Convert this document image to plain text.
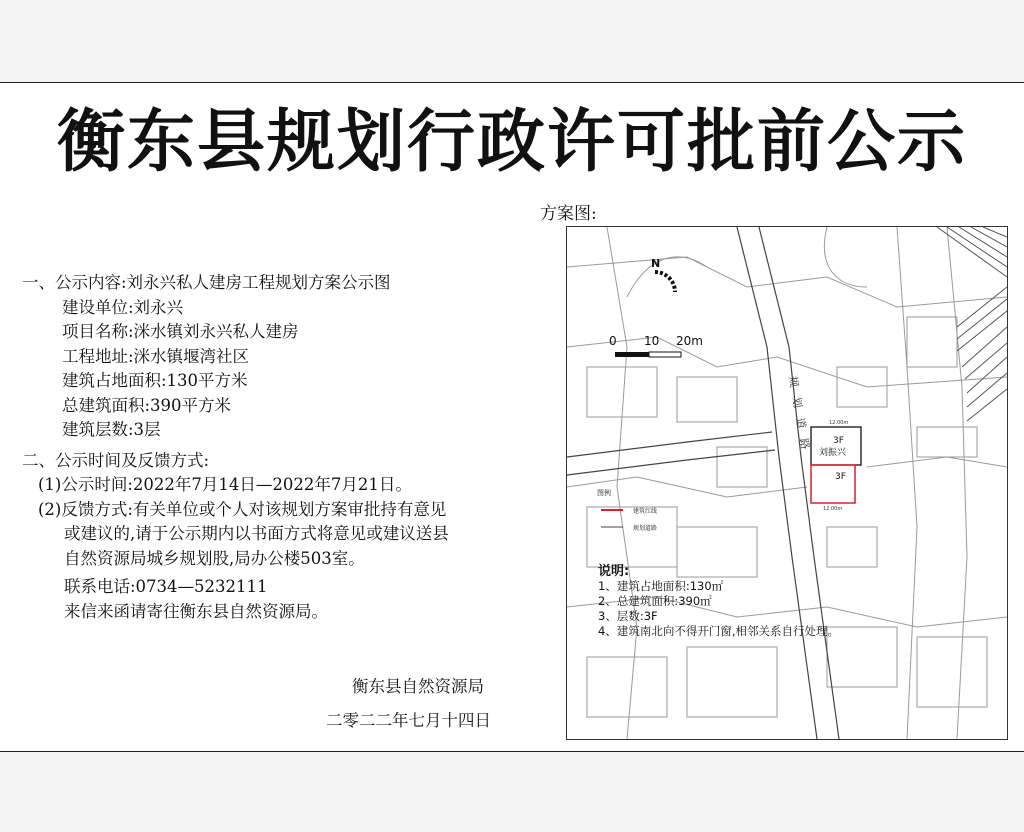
衡东县规划行政许可批前公示
方案图:
一、公示内容:刘永兴私人建房工程规划方案公示图
建设单位:刘永兴
项目名称:洣水镇刘永兴私人建房
工程地址:洣水镇堰湾社区
建筑占地面积:130平方米
总建筑面积:390平方米
建筑层数:3层
二、公示时间及反馈方式:
(1)公示时间:2022年7月14日—2022年7月21日。
(2)反馈方式:有关单位或个人对该规划方案审批持有意见
或建议的,请于公示期内以书面方式将意见或建议送县
自然资源局城乡规划股,局办公楼503室。
联系电话:0734—5232111
来信来函请寄往衡东县自然资源局。
衡东县自然资源局
二零二二年七月十四日
N
0 10 20m
3F
刘振兴
3F
12.00m
12.00m
图例
建筑红线
规划道路
规划道路
说明:
1、建筑占地面积:130㎡
2、总建筑面积:390㎡
3、层数:3F
4、建筑南北向不得开门窗,相邻关系自行处理。
